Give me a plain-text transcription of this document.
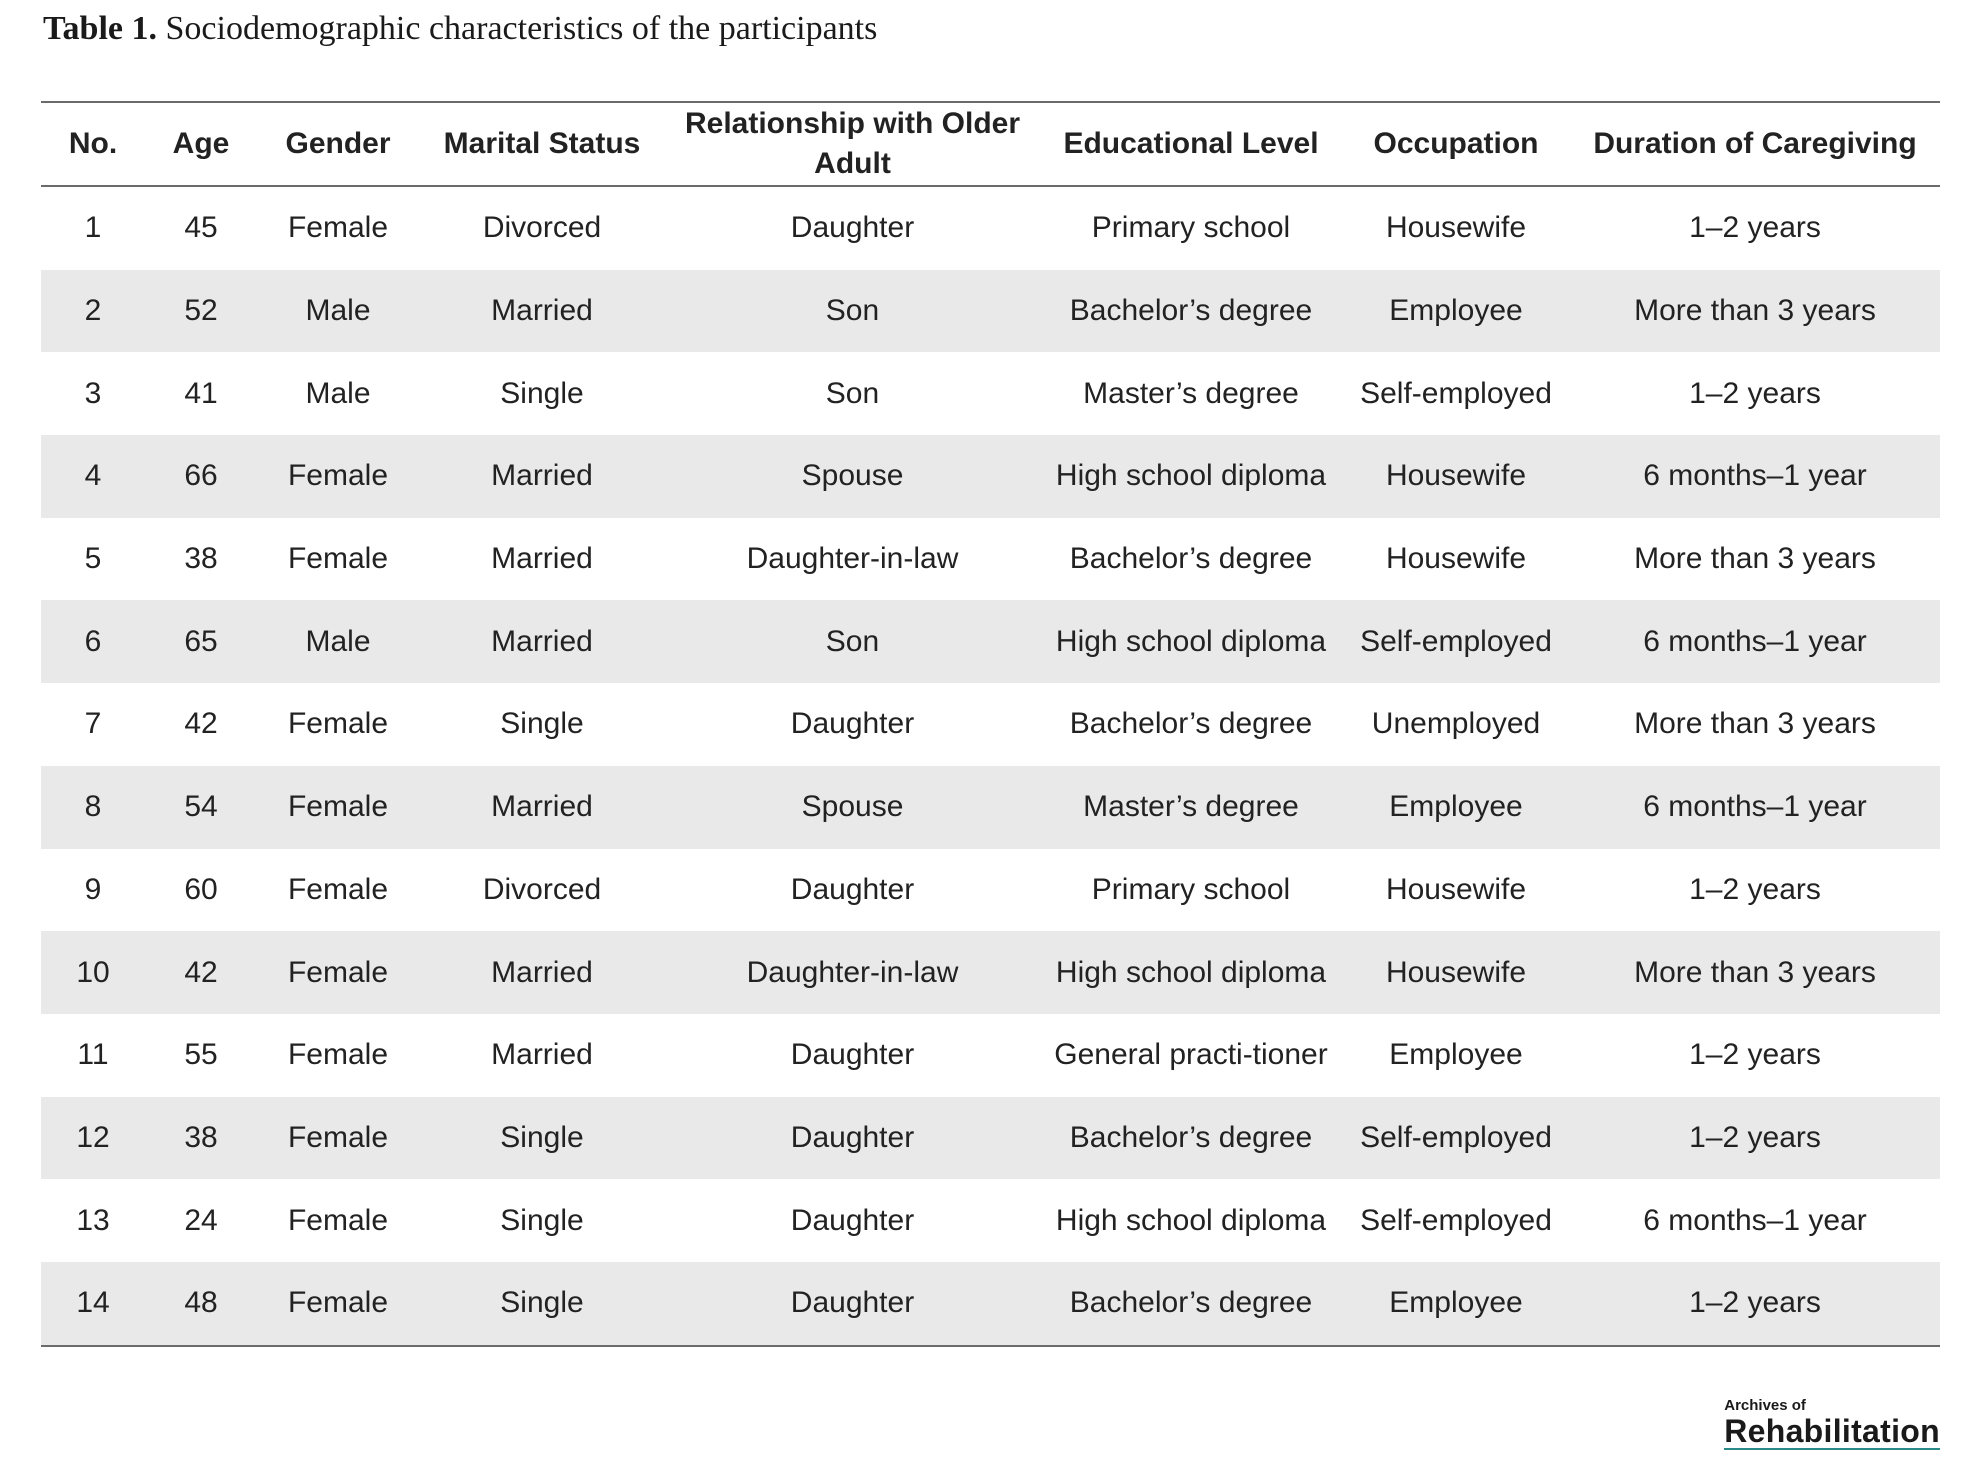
Table 1. Sociodemographic characteristics of the participants
No.	Age	Gender	Marital Status	Relationship with Older Adult	Educational Level	Occupation	Duration of Caregiving
1	45	Female	Divorced	Daughter	Primary school	Housewife	1–2 years
2	52	Male	Married	Son	Bachelor’s degree	Employee	More than 3 years
3	41	Male	Single	Son	Master’s degree	Self-employed	1–2 years
4	66	Female	Married	Spouse	High school diploma	Housewife	6 months–1 year
5	38	Female	Married	Daughter-in-law	Bachelor’s degree	Housewife	More than 3 years
6	65	Male	Married	Son	High school diploma	Self-employed	6 months–1 year
7	42	Female	Single	Daughter	Bachelor’s degree	Unemployed	More than 3 years
8	54	Female	Married	Spouse	Master’s degree	Employee	6 months–1 year
9	60	Female	Divorced	Daughter	Primary school	Housewife	1–2 years
10	42	Female	Married	Daughter-in-law	High school diploma	Housewife	More than 3 years
11	55	Female	Married	Daughter	General practi-tioner	Employee	1–2 years
12	38	Female	Single	Daughter	Bachelor’s degree	Self-employed	1–2 years
13	24	Female	Single	Daughter	High school diploma	Self-employed	6 months–1 year
14	48	Female	Single	Daughter	Bachelor’s degree	Employee	1–2 years
Archives of
Rehabilitation
